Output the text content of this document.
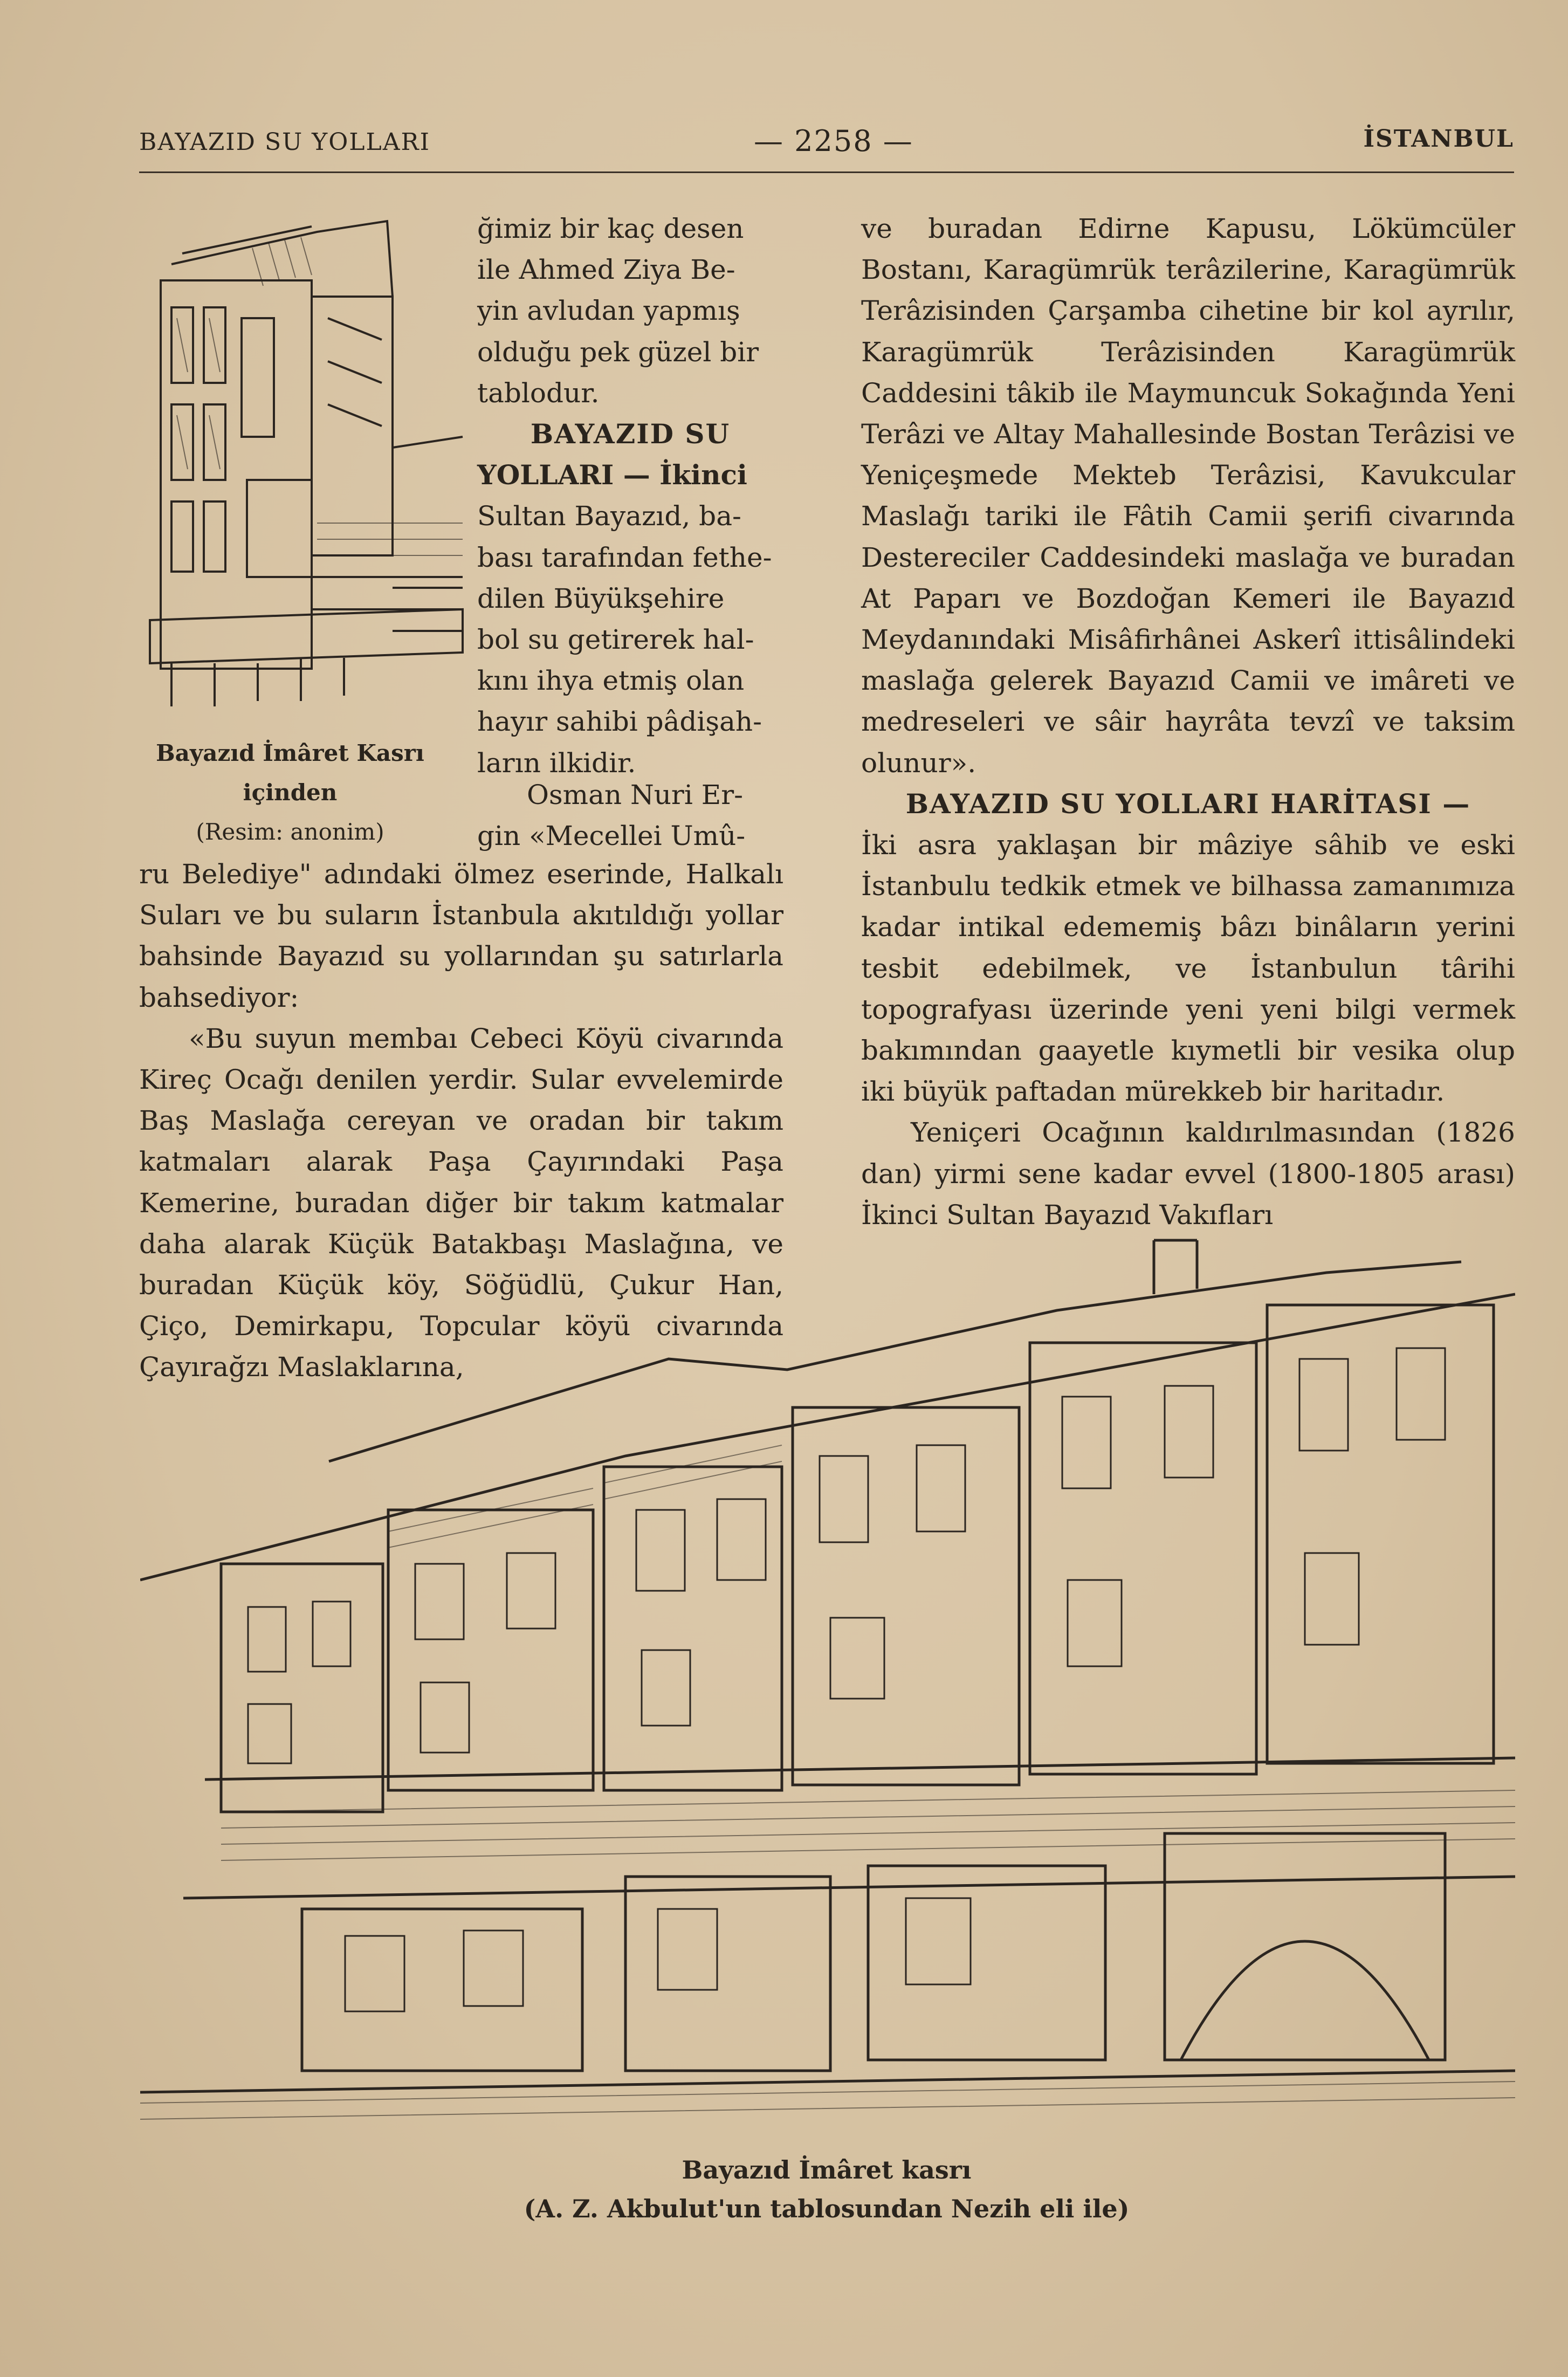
BAYAZID SU YOLLARI	— 2258 —	İSTANBUL
Bayazıd İmâret Kasrı
içinden
(Resim: anonim)

ğimiz bir kaç desen

ile Ahmed Ziya Be-

yin avludan yapmış

olduğu pek güzel bir

tablodur.

BAYAZID SU

YOLLARI — İkinci

Sultan Bayazıd, ba-

bası tarafından fethe-

dilen Büyükşehire

bol su getirerek hal-

kını ihya etmiş olan

hayır sahibi pâdişah-

ların ilkidir.

Osman Nuri Er-

gin «Mecellei Umû-

ru Belediye" adındaki ölmez eserinde, Halkalı Suları ve bu suların İstanbula akıtıldığı yollar bahsinde Bayazıd su yollarından şu satırlarla bahsediyor:

«Bu suyun membaı Cebeci Köyü civarında Kireç Ocağı denilen yerdir. Sular evvelemirde Baş Maslağa cereyan ve oradan bir takım katmaları alarak Paşa Çayırındaki Paşa Kemerine, buradan diğer bir takım katmalar daha alarak Küçük Batakbaşı Maslağına, ve buradan Küçük köy, Söğüdlü, Çukur Han, Çiço, Demirkapu, Topcular köyü civarında Çayırağzı Maslaklarına,

ve buradan Edirne Kapusu, Lökümcüler Bostanı, Karagümrük terâzilerine, Karagümrük Terâzisinden Çarşamba cihetine bir kol ayrılır, Karagümrük Terâzisinden Karagümrük Caddesini tâkib ile Maymuncuk Sokağında Yeni Terâzi ve Altay Mahallesinde Bostan Terâzisi ve Yeniçeşmede Mekteb Terâzisi, Kavukcular Maslağı tariki ile Fâtih Camii şerifi civarında Destereciler Caddesindeki maslağa ve buradan At Paparı ve Bozdoğan Kemeri ile Bayazıd Meydanındaki Misâfirhânei Askerî ittisâlindeki maslağa gelerek Bayazıd Camii ve imâreti ve medreseleri ve sâir hayrâta tevzî ve taksim olunur».

BAYAZID SU YOLLARI HARİTASI —

İki asra yaklaşan bir mâziye sâhib ve eski İstanbulu tedkik etmek ve bilhassa zamanımıza kadar intikal edememiş bâzı binâların yerini tesbit edebilmek, ve İstanbulun târihi topografyası üzerinde yeni yeni bilgi vermek bakımından gaayetle kıymetli bir vesika olup iki büyük paftadan mürekkeb bir haritadır.

Yeniçeri Ocağının kaldırılmasından (1826 dan) yirmi sene kadar evvel (1800-1805 arası) İkinci Sultan Bayazıd Vakıfları

Bayazıd İmâret kasrı
(A. Z. Akbulut'un tablosundan Nezih eli ile)
